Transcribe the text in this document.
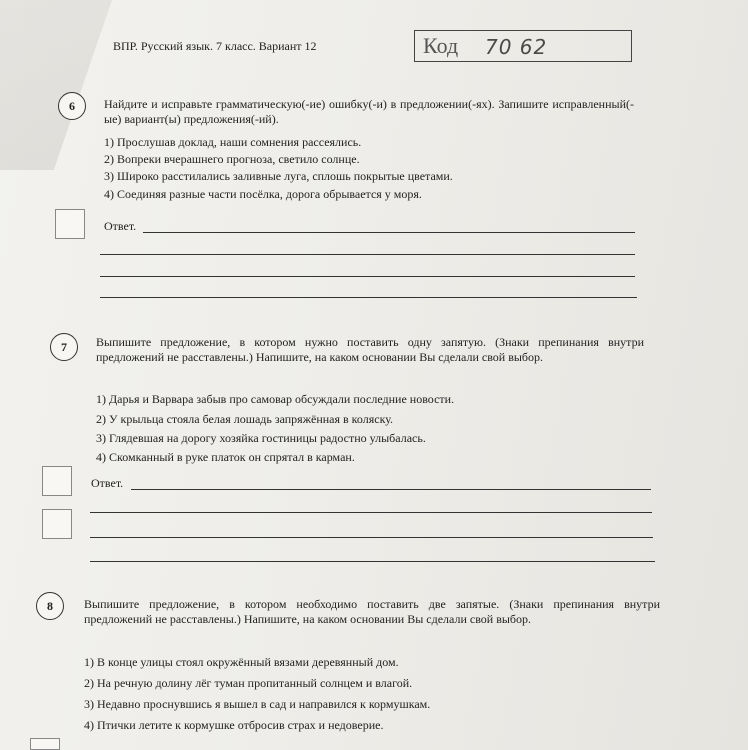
ВПР. Русский язык. 7 класс. Вариант 12	Код 70 62
6	Найдите и исправьте грамматическую(-ие) ошибку(-и) в предложении(-ях). Запишите исправленный(-ые) вариант(ы) предложения(-ий).
1) Прослушав доклад, наши сомнения рассеялись.
2) Вопреки вчерашнего прогноза, светило солнце.
3) Широко расстилались заливные луга, сплошь покрытые цветами.
4) Соединяя разные части посёлка, дорога обрывается у моря.
Ответ.
7	Выпишите предложение, в котором нужно поставить одну запятую. (Знаки препинания внутри предложений не расставлены.) Напишите, на каком основании Вы сделали свой выбор.
1) Дарья и Варвара забыв про самовар обсуждали последние новости.
2) У крыльца стояла белая лошадь запряжённая в коляску.
3) Глядевшая на дорогу хозяйка гостиницы радостно улыбалась.
4) Скомканный в руке платок он спрятал в карман.
Ответ.
8	Выпишите предложение, в котором необходимо поставить две запятые. (Знаки препинания внутри предложений не расставлены.) Напишите, на каком основании Вы сделали свой выбор.
1) В конце улицы стоял окружённый вязами деревянный дом.
2) На речную долину лёг туман пропитанный солнцем и влагой.
3) Недавно проснувшись я вышел в сад и направился к кормушкам.
4) Птички летите к кормушке отбросив страх и недоверие.
